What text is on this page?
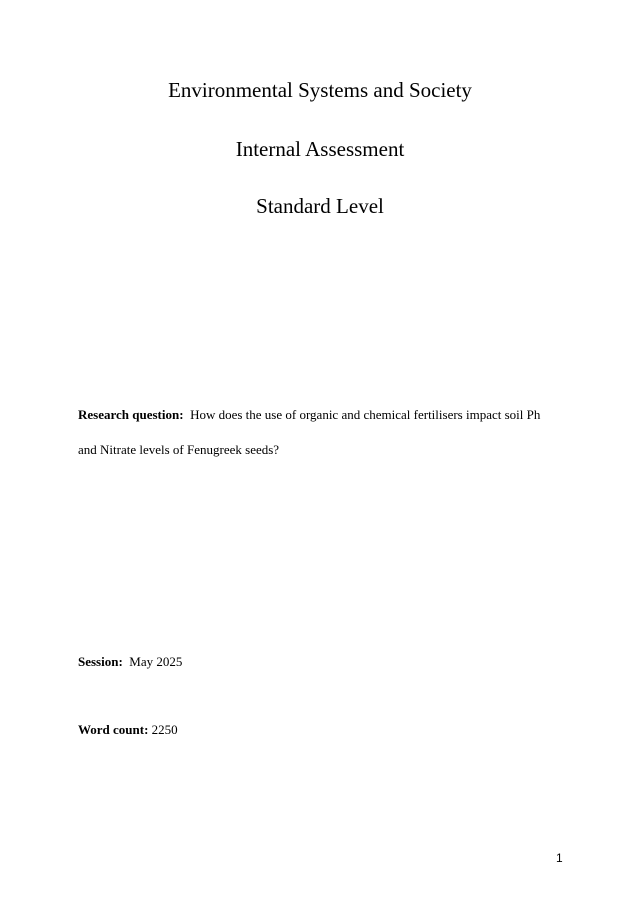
Environmental Systems and Society
Internal Assessment
Standard Level
Research question: How does the use of organic and chemical fertilisers impact soil Ph
and Nitrate levels of Fenugreek seeds?
Session: May 2025
Word count: 2250
1
